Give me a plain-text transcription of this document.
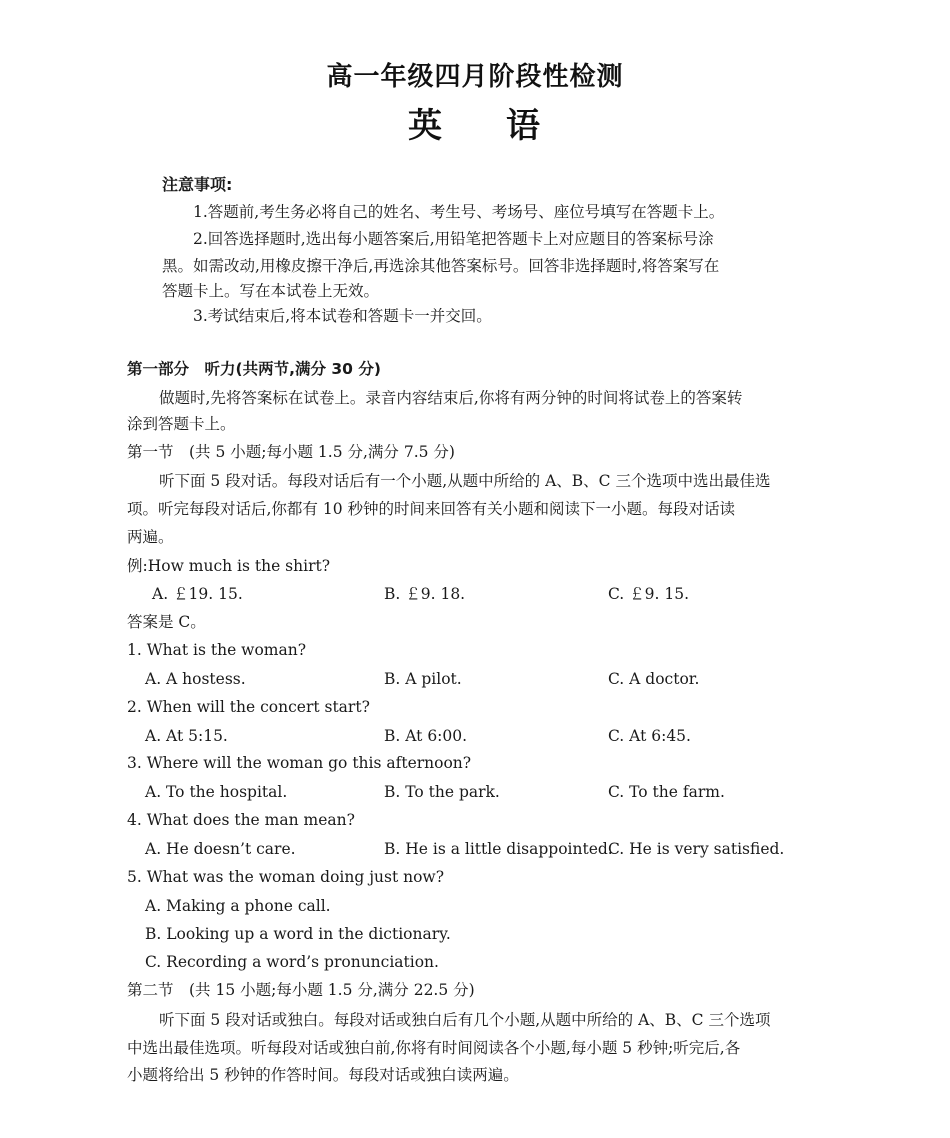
高一年级四月阶段性检测
英 语
注意事项:
1.答题前,考生务必将自己的姓名、考生号、考场号、座位号填写在答题卡上。
2.回答选择题时,选出每小题答案后,用铅笔把答题卡上对应题目的答案标号涂
黑。如需改动,用橡皮擦干净后,再选涂其他答案标号。回答非选择题时,将答案写在
答题卡上。写在本试卷上无效。
3.考试结束后,将本试卷和答题卡一并交回。
第一部分　听力(共两节,满分 30 分)
做题时,先将答案标在试卷上。录音内容结束后,你将有两分钟的时间将试卷上的答案转
涂到答题卡上。
第一节　(共 5 小题;每小题 1.5 分,满分 7.5 分)
听下面 5 段对话。每段对话后有一个小题,从题中所给的 A、B、C 三个选项中选出最佳选
项。听完每段对话后,你都有 10 秒钟的时间来回答有关小题和阅读下一小题。每段对话读
两遍。
例:How much is the shirt?
A. ￡19. 15.	B. ￡9. 18.	C. ￡9. 15.
答案是 C。
1. What is the woman?
A. A hostess.	B. A pilot.	C. A doctor.
2. When will the concert start?
A. At 5:15.	B. At 6:00.	C. At 6:45.
3. Where will the woman go this afternoon?
A. To the hospital.	B. To the park.	C. To the farm.
4. What does the man mean?
A. He doesn’t care.	B. He is a little disappointed.
C. He is very satisfied.
5. What was the woman doing just now?
A. Making a phone call.
B. Looking up a word in the dictionary.
C. Recording a word’s pronunciation.
第二节　(共 15 小题;每小题 1.5 分,满分 22.5 分)
听下面 5 段对话或独白。每段对话或独白后有几个小题,从题中所给的 A、B、C 三个选项
中选出最佳选项。听每段对话或独白前,你将有时间阅读各个小题,每小题 5 秒钟;听完后,各
小题将给出 5 秒钟的作答时间。每段对话或独白读两遍。
